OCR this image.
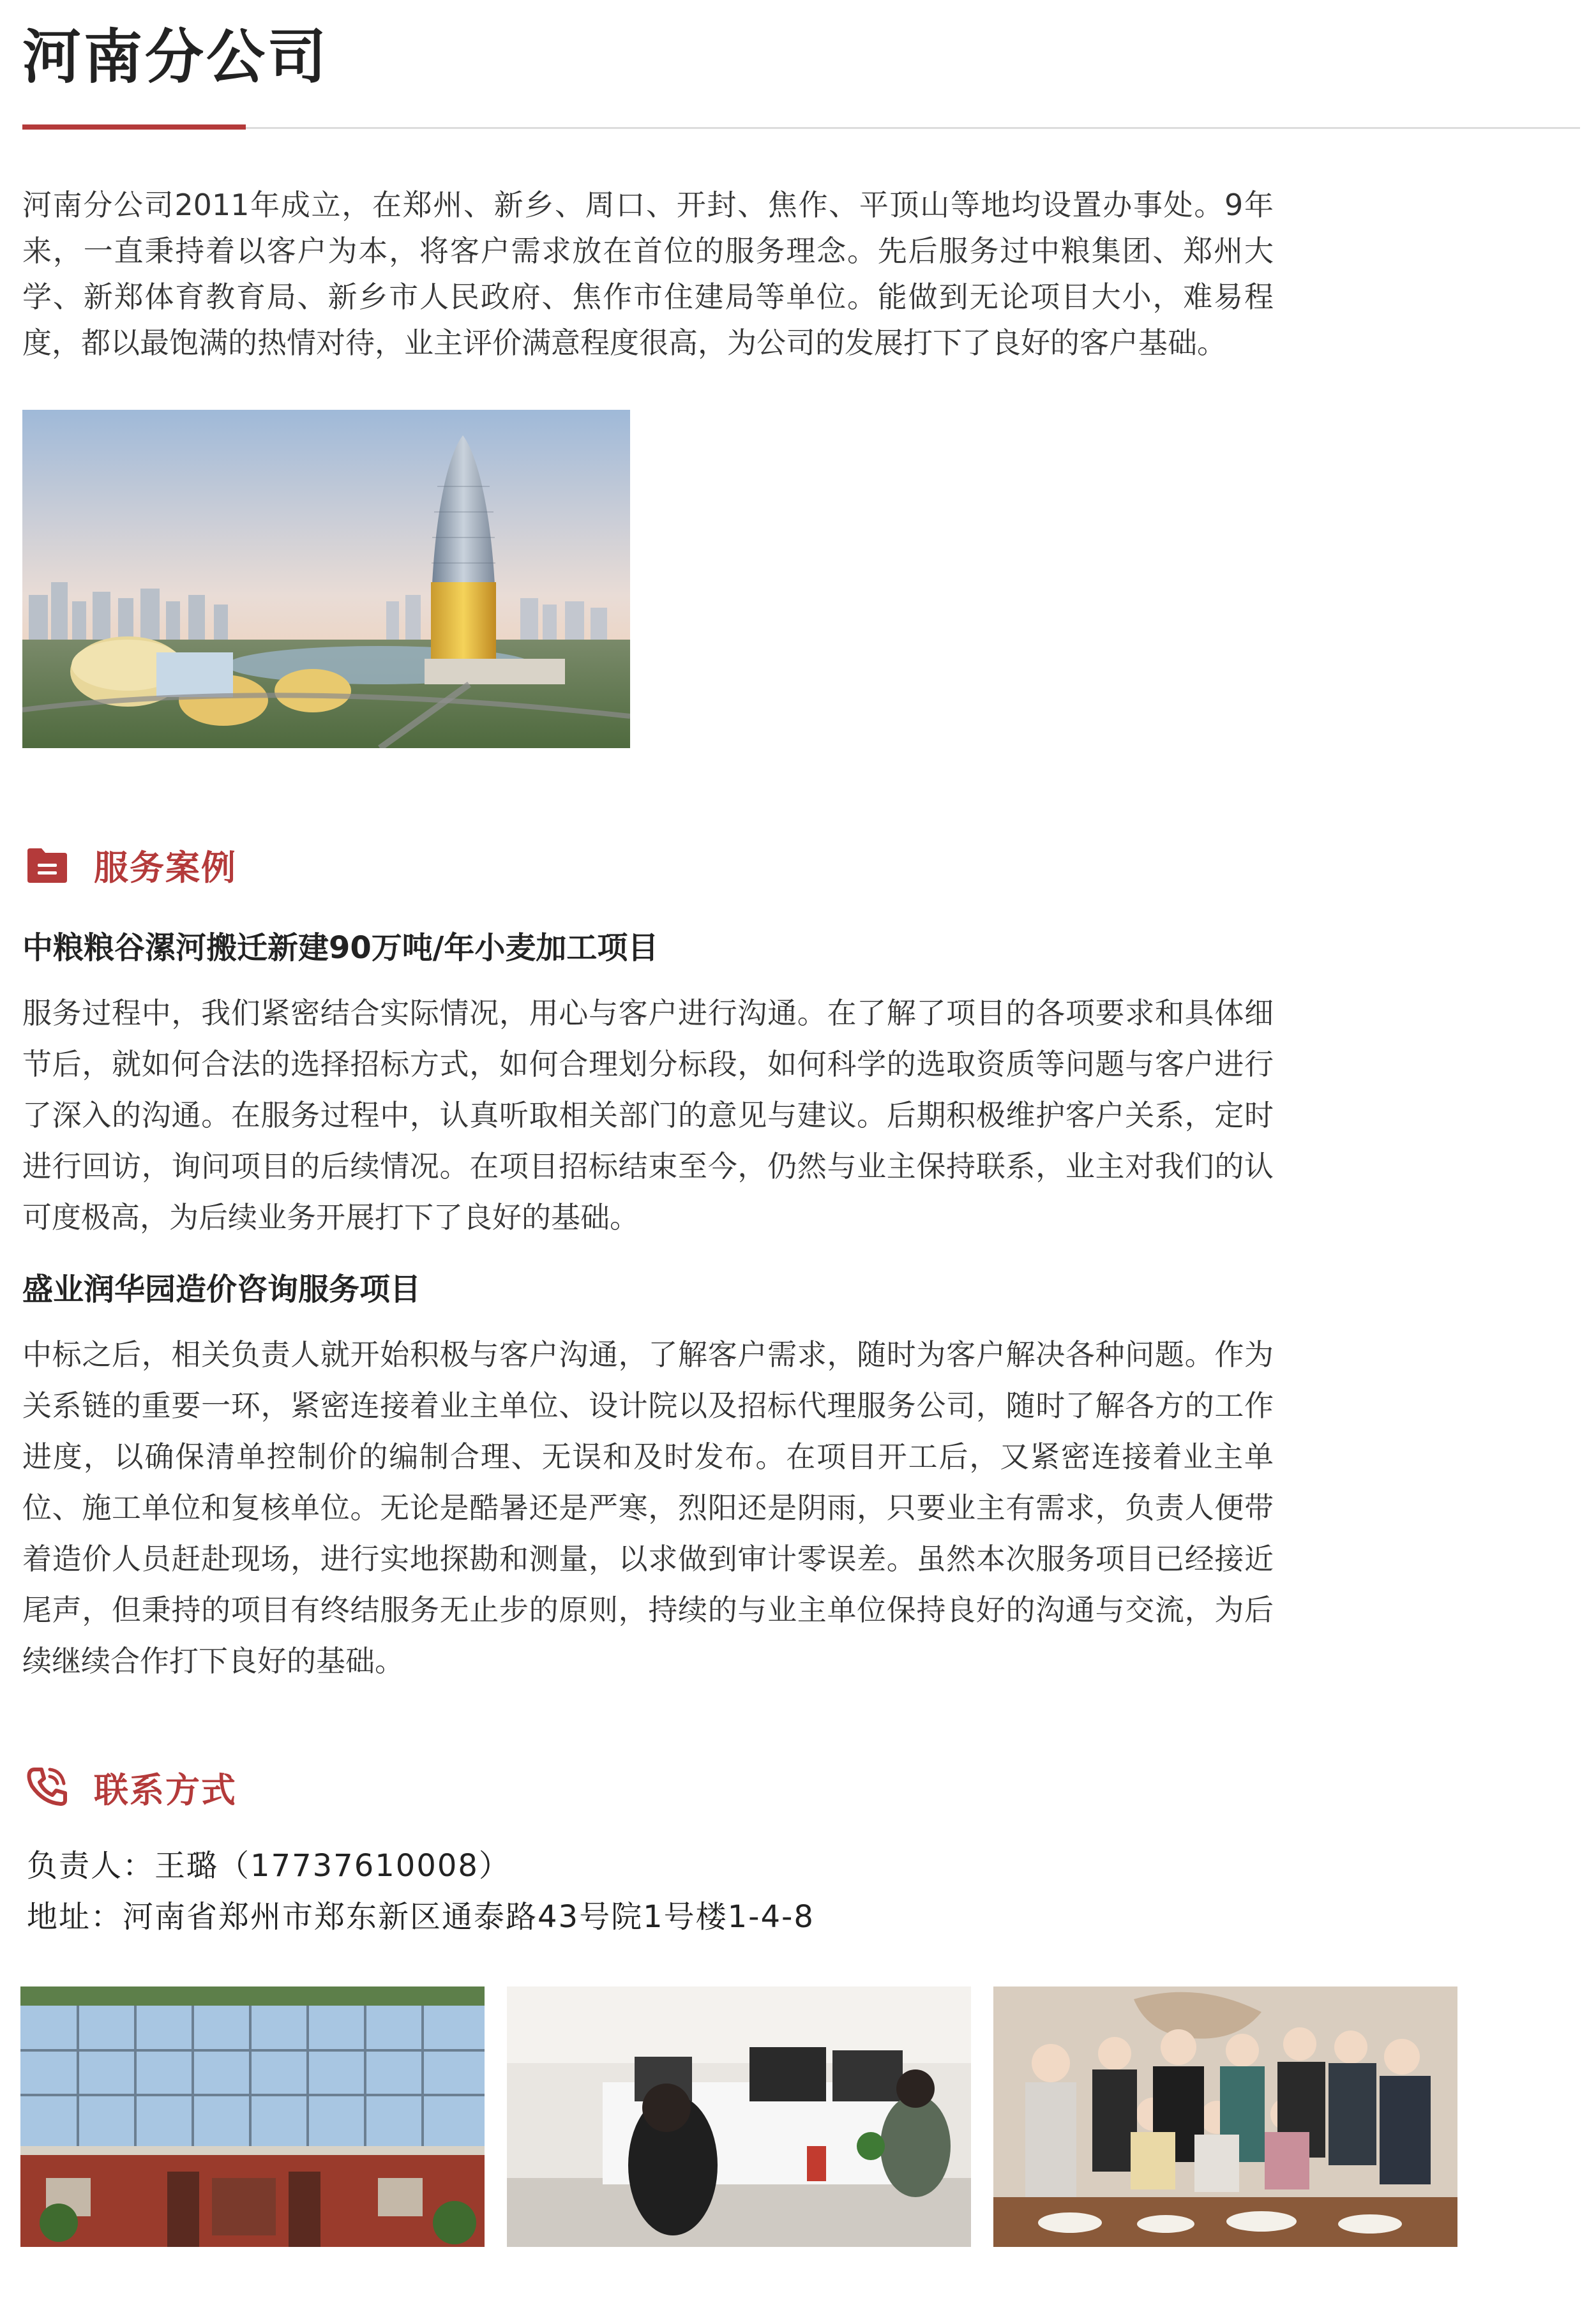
河南分公司

河南分公司2011年成立，在郑州、新乡、周口、开封、焦作、平顶山等地均设置办事处。9年来，一直秉持着以客户为本，将客户需求放在首位的服务理念。先后服务过中粮集团、郑州大学、新郑体育教育局、新乡市人民政府、焦作市住建局等单位。能做到无论项目大小，难易程度，都以最饱满的热情对待，业主评价满意程度很高，为公司的发展打下了良好的客户基础。

服务案例
中粮粮谷漯河搬迁新建90万吨/年小麦加工项目

服务过程中，我们紧密结合实际情况，用心与客户进行沟通。在了解了项目的各项要求和具体细节后，就如何合法的选择招标方式，如何合理划分标段，如何科学的选取资质等问题与客户进行了深入的沟通。在服务过程中，认真听取相关部门的意见与建议。后期积极维护客户关系，定时进行回访，询问项目的后续情况。在项目招标结束至今，仍然与业主保持联系，业主对我们的认可度极高，为后续业务开展打下了良好的基础。

盛业润华园造价咨询服务项目

中标之后，相关负责人就开始积极与客户沟通，了解客户需求，随时为客户解决各种问题。作为关系链的重要一环，紧密连接着业主单位、设计院以及招标代理服务公司，随时了解各方的工作进度，以确保清单控制价的编制合理、无误和及时发布。在项目开工后，又紧密连接着业主单位、施工单位和复核单位。无论是酷暑还是严寒，烈阳还是阴雨，只要业主有需求，负责人便带着造价人员赶赴现场，进行实地探勘和测量，以求做到审计零误差。虽然本次服务项目已经接近尾声，但秉持的项目有终结服务无止步的原则，持续的与业主单位保持良好的沟通与交流，为后续继续合作打下良好的基础。

联系方式
负责人：王璐（17737610008）
地址：河南省郑州市郑东新区通泰路43号院1号楼1-4-8
